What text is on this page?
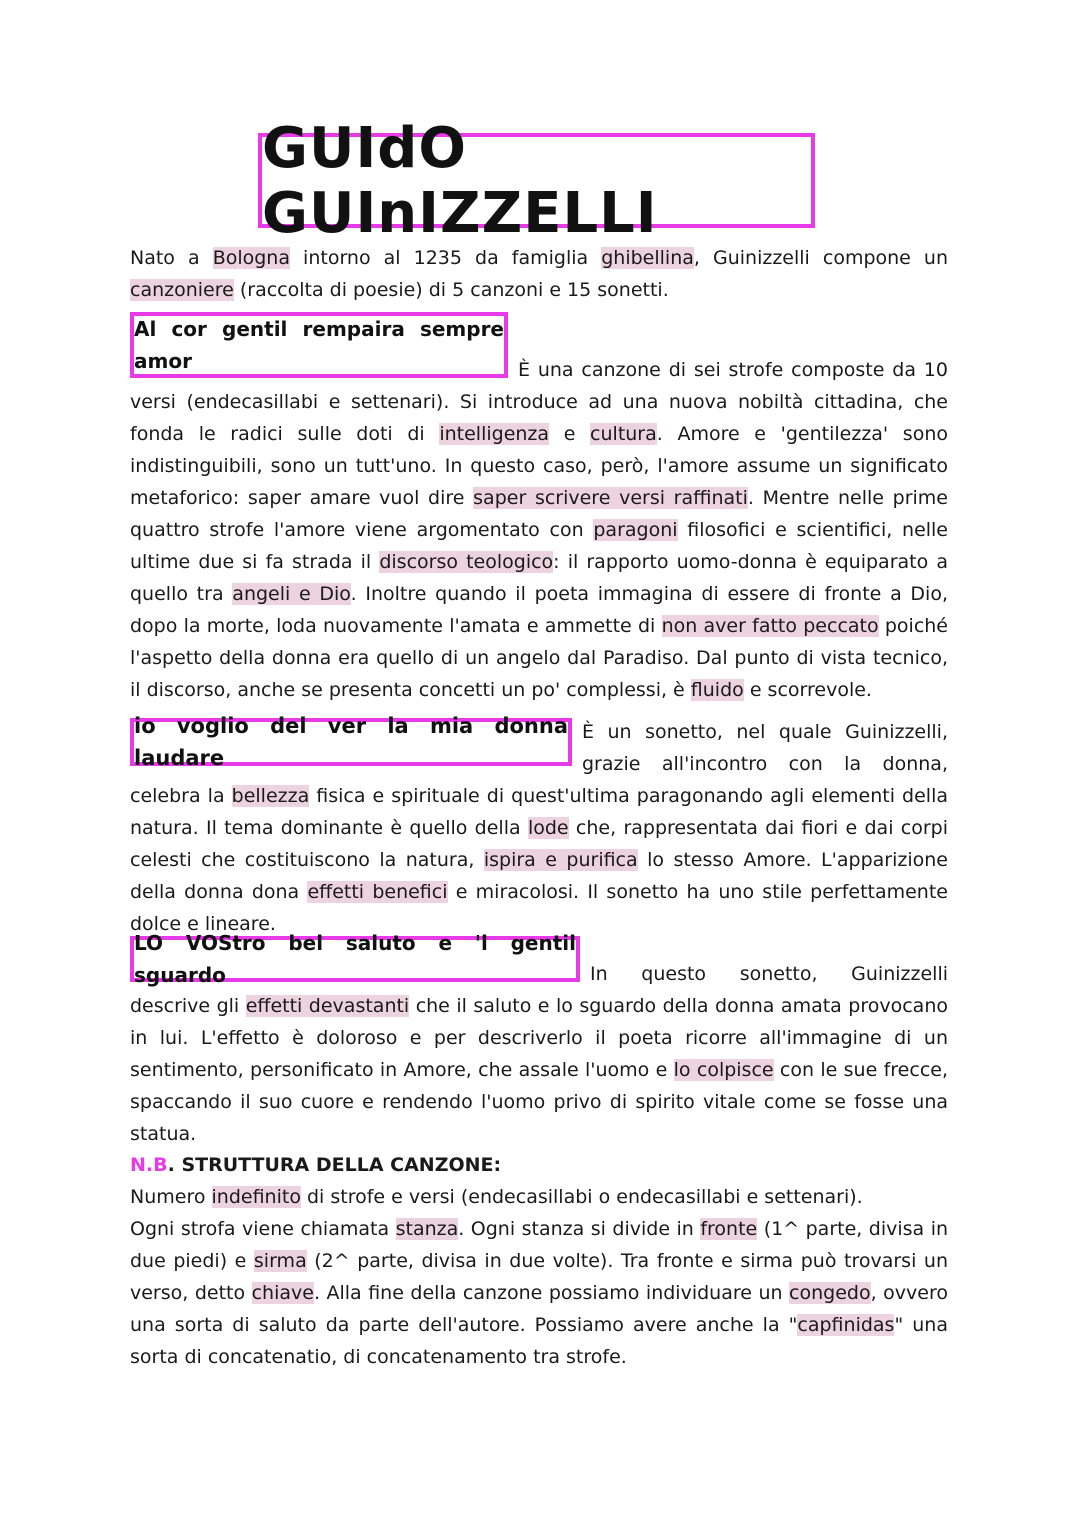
GUIdO GUInIZZELLI

Nato a Bologna intorno al 1235 da famiglia ghibellina, Guinizzelli compone un canzoniere (raccolta di poesie) di 5 canzoni e 15 sonetti.

Al cor gentil rempaira sempre amor	È una canzone di sei strofe composte da 10 versi (endecasillabi e settenari). Si introduce ad una nuova nobiltà cittadina, che fonda le radici sulle doti di intelligenza e cultura. Amore e 'gentilezza' sono indistinguibili, sono un tutt'uno. In questo caso, però, l'amore assume un significato metaforico: saper amare vuol dire saper scrivere versi raffinati. Mentre nelle prime quattro strofe l'amore viene argomentato con paragoni filosofici e scientifici, nelle ultime due si fa strada il discorso teologico: il rapporto uomo-donna è equiparato a quello tra angeli e Dio. Inoltre quando il poeta immagina di essere di fronte a Dio, dopo la morte, loda nuovamente l'amata e ammette di non aver fatto peccato poiché l'aspetto della donna era quello di un angelo dal Paradiso. Dal punto di vista tecnico, il discorso, anche se presenta concetti un po' complessi, è fluido e scorrevole.

io voglio del ver la mia donna laudare
È un sonetto, nel quale Guinizzelli, grazie all'incontro con la donna, celebra la bellezza fisica e spirituale di quest'ultima paragonando agli elementi della natura. Il tema dominante è quello della lode che, rappresentata dai fiori e dai corpi celesti che costituiscono la natura, ispira e purifica lo stesso Amore. L'apparizione della donna dona effetti benefici e miracolosi. Il sonetto ha uno stile perfettamente dolce e lineare.

LO VOStro bel saluto e 'l gentil sguardo	In questo sonetto, Guinizzelli descrive gli effetti devastanti che il saluto e lo sguardo della donna amata provocano in lui. L'effetto è doloroso e per descriverlo il poeta ricorre all'immagine di un sentimento, personificato in Amore, che assale l'uomo e lo colpisce con le sue frecce, spaccando il suo cuore e rendendo l'uomo privo di spirito vitale come se fosse una statua.

N.B. STRUTTURA DELLA CANZONE:

Numero indefinito di strofe e versi (endecasillabi o endecasillabi e settenari).

Ogni strofa viene chiamata stanza. Ogni stanza si divide in fronte (1^ parte, divisa in due piedi) e sirma (2^ parte, divisa in due volte). Tra fronte e sirma può trovarsi un verso, detto chiave. Alla fine della canzone possiamo individuare un congedo, ovvero una sorta di saluto da parte dell'autore. Possiamo avere anche la "capfinidas" una sorta di concatenatio, di concatenamento tra strofe.
